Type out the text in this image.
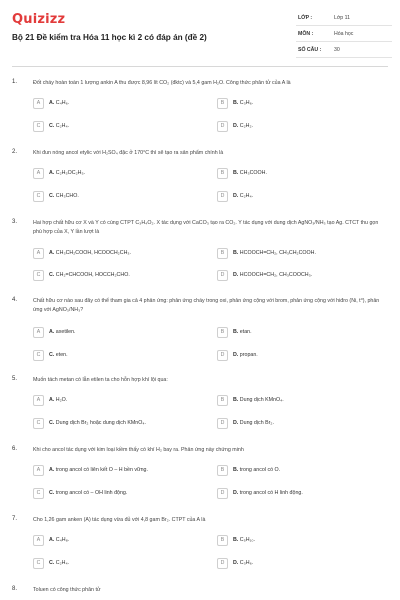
Quizizz
Bộ 21 Đề kiểm tra Hóa 11 học kì 2 có đáp án (đề 2)
LỚP :	Lớp 11
MÔN :	Hóa học
SỐ CÂU :	30
1.	Đốt cháy hoàn toàn 1 lượng ankin A thu được 8,96 lít CO₂ (đktc) và 5,4 gam H₂O. Công thức phân tử của A là
A	A. C₄H₆.	B	B. C₃H₆.
C	C. C₂H₄.	D	D. C₂H₂.
2.	Khi đun nóng ancol etylic với H₂SO₄ đặc ở 170°C thì sẽ tạo ra sản phẩm chính là
A	A. C₂H₅OC₂H₅.	B	B. CH₃COOH.
C	C. CH₃CHO.	D	D. C₂H₄.
3.	Hai hợp chất hữu cơ X và Y có cùng CTPT C₃H₄O₂. X tác dụng với CaCO₃ tạo ra CO₂. Y tác dụng với dung dịch AgNO₃/NH₃ tạo Ag. CTCT thu gọn phù hợp của X, Y lần lượt là
A	A. CH₃CH₂COOH, HCOOCH₂CH₃.	B	B. HCOOCH=CH₂, CH₃CH₂COOH.
C	C. CH₂=CHCOOH, HOCCH₂CHO.	D	D. HCOOCH=CH₂, CH₃COOCH₃.
4.	Chất hữu cơ nào sau đây có thể tham gia cả 4 phản ứng: phản ứng cháy trong oxi, phản ứng cộng với brom, phản ứng cộng với hiđro (Ni, t⁰), phản ứng với AgNO₃/NH₃?
A	A. axetilen.	B	B. etan.
C	C. eten.	D	D. propan.
5.	Muốn tách metan có lẫn etilen ta cho hỗn hợp khí lội qua:
A	A. H₂O.	B	B. Dung dịch KMnO₄.
C	C. Dung dịch Br₂ hoặc dung dịch KMnO₄.	D	D. Dung dịch Br₂.
6.	Khi cho ancol tác dụng với kim loại kiềm thấy có khí H₂ bay ra. Phản ứng này chứng minh
A	A. trong ancol có liên kết O – H bền vững.	B	B. trong ancol có O.
C	C. trong ancol có – OH linh động.	D	D. trong ancol có H linh động.
7.	Cho 1,26 gam anken (A) tác dụng vừa đủ với 4,8 gam Br₂. CTPT của A là
A	A. C₄H₈.	B	B. C₅H₁₀.
C	C. C₂H₄.	D	D. C₃H₆.
8.	Toluen có công thức phân tử
